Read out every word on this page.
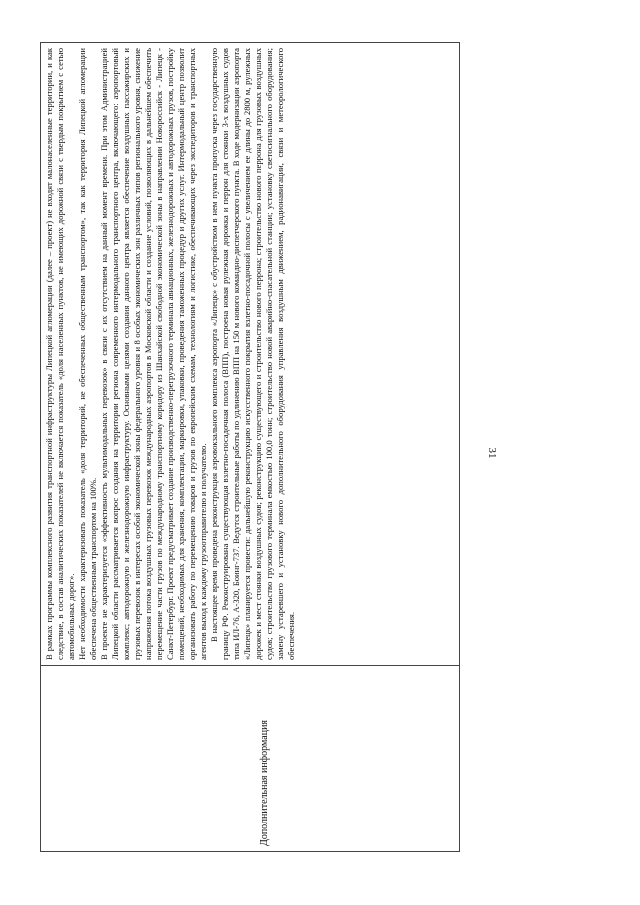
31
Дополнительная информация

В рамках программы комплексного развития транспортной инфраструктуры Липецкой агломерации (далее – проект) не входят малонаселенные территории, и как следствие, в состав аналитических показателей не включается показатель «доля населенных пунктов, не имеющих дорожной связи с твердым покрытием с сетью автомобильных дорог». Нет необходимости характеризовать показатель «доля территорий, не обеспеченных общественным транспортом», так как территория Липецкой агломерации обеспечена общественным транспортом на 100%. В проекте не характеризуется «эффективность мультимодальных перевозок» в связи с их отсутствием на данный момент времени. При этом Администрацией Липецкой области рассматривается вопрос создания на территории региона современного интермодального транспортного центра, включающего: аэропортовый комплекс; автодорожную и железнодорожную инфраструктуру. Основными целями создания данного центра является обеспечение воздушных пассажирских и грузовых перевозок в интересах особой экономической зоны федерального уровня и 8 особых экономических зон различных типов регионального уровня, снижение напряжения потока воздушных грузовых перевозок международных аэропортов в Московской области и создание условий, позволяющих в дальнейшем обеспечить перемещение части грузов по международному транспортному коридору из Шанхайской свободной экономической зоны в направлении Новороссийск - Липецк - Санкт-Петербург. Проект предусматривает создание производственно-перегрузочного терминала авиационных, железнодорожных и автодорожных грузов, постройку помещений, необходимых для хранения, комплектации, маркировки, упаковки, проведения таможенных процедур и других услуг. Интермодальный центр позволит организовать работу по перемещению товаров и грузов по европейским схемам, технологиям и логистике, обеспечивающих через экспедиторов и транспортных агентов выход к каждому грузоотправителю и получателю. В настоящее время проведена реконструкция аэровокзального комплекса аэропорта «Липецк» с обустройством в нем пункта пропуска через государственную границу РФ. Реконструирована существующая взлетно-посадочная полоса (ВПП), построена новая рулежная дорожка и перрон для стоянки 3-х воздушных судов типа ИЛ-76, А-320, Боинг-737. Ведутся строительные работы по удлинению ВПП на 150 м нового командно-диспетчерского пункта. В ходе модернизации аэропорта «Липецк» планируется провести: дальнейшую реконструкцию искусственного покрытия взлетно-посадочной полосы с увеличением ее длины до 2800 м, рулежных дорожек и мест стоянки воздушных судов; реконструкцию существующего и строительство нового перрона; строительство нового перрона для грузовых воздушных судов; строительство грузового терминала емкостью 100,0 тонн; строительство новой аварийно-спасательной станции; установку светосигнального оборудования; замену устаревшего и установку нового дополнительного оборудования управления воздушным движением, радионавигации, связи и метеорологического обеспечения.
